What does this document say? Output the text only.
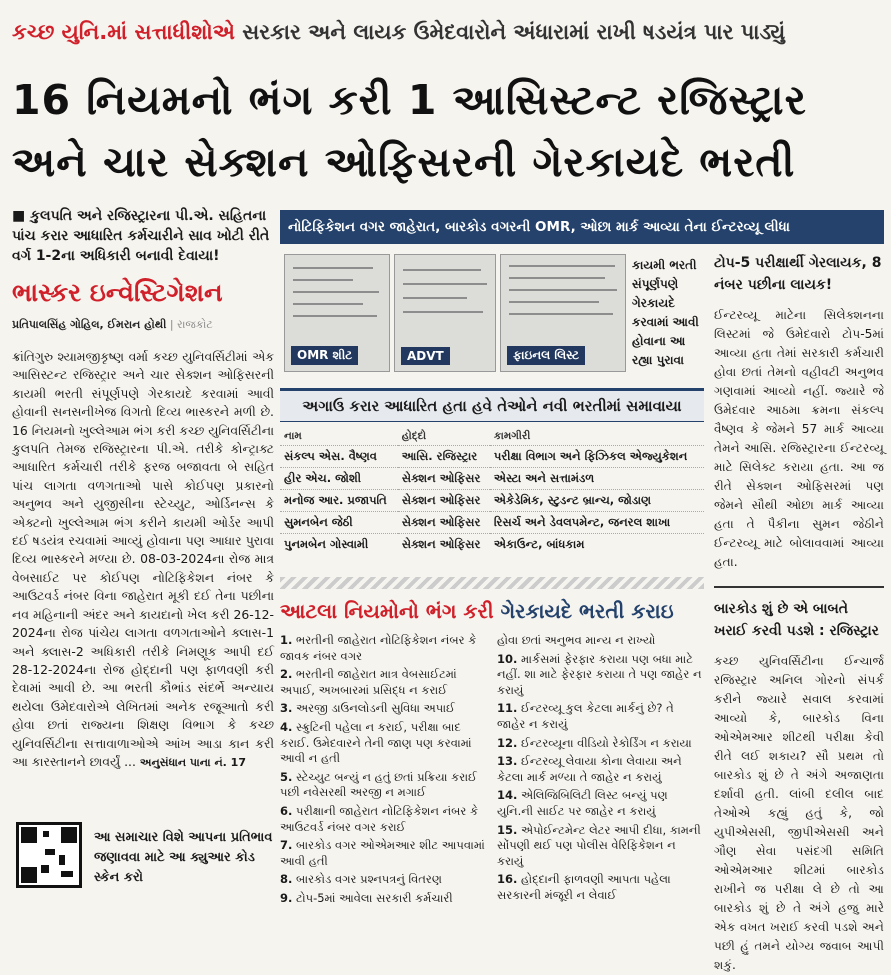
કચ્છ યુનિ.માં સત્તાધીશોએ સરકાર અને લાયક ઉમેદવારોને અંધારામાં રાખી ષડયંત્ર પાર પાડ્યું
16 નિયમનો ભંગ કરી 1 આસિસ્ટન્ટ રજિસ્ટ્રાર
અને ચાર સેક્શન ઓફિસરની ગેરકાયદે ભરતી
■ કુલપતિ અને રજિસ્ટ્રારના પી.એ. સહિતના પાંચ કરાર આધારિત કર્મચારીને સાવ ખોટી રીતે વર્ગ 1-2ના અધિકારી બનાવી દેવાયા!
ભાસ્કર ઇન્વેસ્ટિગેશન
પ્રતિપાલસિંહ ગોહિલ, ઈમરાન હોથી | રાજકોટ
ક્રાંતિગુરુ શ્યામજીકૃષ્ણ વર્મા કચ્છ યુનિવર્સિટીમાં એક આસિસ્ટન્ટ રજિસ્ટ્રાર અને ચાર સેક્શન ઓફિસરની કાયમી ભરતી સંપૂર્ણપણે ગેરકાયદે કરવામાં આવી હોવાની સનસનીખેજ વિગતો દિવ્ય ભાસ્કરને મળી છે. 16 નિયમનો ખુલ્લેઆમ ભંગ કરી કચ્છ યુનિવર્સિટીના કુલપતિ તેમજ રજિસ્ટ્રારના પી.એ. તરીકે કોન્ટ્રાક્ટ આધારિત કર્મચારી તરીકે ફરજ બજાવતા બે સહિત પાંચ લાગતા વળગતાઓ પાસે કોઈપણ પ્રકારનો અનુભવ અને યુજીસીના સ્ટેચ્યુટ, ઓર્ડિનન્સ કે એક્ટનો ખુલ્લેઆમ ભંગ કરીને કાયમી ઓર્ડર આપી દઈ ષડયંત્ર રચવામાં આવ્યું હોવાના પણ આધાર પુરાવા દિવ્ય ભાસ્કરને મળ્યા છે. 08-03-2024ના રોજ માત્ર વેબસાઈટ પર કોઈપણ નોટિફિકેશન નંબર કે આઉટવર્ડ નંબર વિના જાહેરાત મૂકી દઈ તેના પછીના નવ મહિનાની અંદર અને કાયદાનો ખેલ કરી 26-12-2024ના રોજ પાંચેય લાગતા વળગતાઓને ક્લાસ-1 અને ક્લાસ-2 અધિકારી તરીકે નિમણૂક આપી દઈ 28-12-2024ના રોજ હોદ્દાની પણ ફાળવણી કરી દેવામાં આવી છે. આ ભરતી કૌભાંડ સંદર્ભે અન્યાય થયેલા ઉમેદવારોએ લેખિતમાં અનેક રજૂઆતો કરી હોવા છતાં રાજ્યના શિક્ષણ વિભાગ કે કચ્છ યુનિવર્સિટીના સત્તાવાળાઓએ આંખ આડા કાન કરી આ કારસ્તાનને છાવર્યું ... અનુસંધાન પાના નં. 17
આ સમાચાર વિશે આપના પ્રતિભાવ જણાવવા માટે આ ક્યુઆર કોડ સ્કેન કરો
નોટિફિકેશન વગર જાહેરાત, બારકોડ વગરની OMR, ઓછા માર્ક આવ્યા તેના ઈન્ટરવ્યૂ લીધા
OMR શીટ	ADVT	ફાઇનલ લિસ્ટ
કાયમી ભરતી સંપૂર્ણપણે ગેરકાયદે કરવામાં આવી હોવાના આ રહ્યા પુરાવા
અગાઉ કરાર આધારિત હતા હવે તેઓને નવી ભરતીમાં સમાવાયા
નામ	હોદ્દો	કામગીરી
સંકલ્પ એસ. વૈષ્ણવ	આસિ. રજિસ્ટ્રાર	પરીક્ષા વિભાગ અને ફિઝિકલ એજ્યુકેશન
હીર એચ. જોશી	સેક્શન ઓફિસર	એસ્ટા અને સત્તામંડળ
મનોજ આર. પ્રજાપતિ	સેક્શન ઓફિસર	એકેડેમિક, સ્ટુડન્ટ બ્રાન્ચ, જોડાણ
સુમનબેન જેઠી	સેક્શન ઓફિસર	રિસર્ચ અને ડેવલપમેન્ટ, જનરલ શાખા
પુનમબેન ગોસ્વામી	સેક્શન ઓફિસર	એકાઉન્ટ, બાંધકામ
આટલા નિયમોનો ભંગ કરી ગેરકાયદે ભરતી કરાઇ
1. ભરતીની જાહેરાત નોટિફિકેશન નંબર કે જાવક નંબર વગર
2. ભરતીની જાહેરાત માત્ર વેબસાઈટમાં અપાઈ, અખબારમાં પ્રસિદ્ધ ન કરાઈ
3. અરજી ડાઉનલોડની સુવિધા અપાઈ
4. સ્ક્રુટિની પહેલા ન કરાઈ, પરીક્ષા બાદ કરાઈ. ઉમેદવારને તેની જાણ પણ કરવામાં આવી ન હતી
5. સ્ટેચ્યુટ બન્યું ન હતું છતાં પ્રક્રિયા કરાઈ પછી નવેસરથી અરજી ન મગાઈ
6. પરીક્ષાની જાહેરાત નોટિફિકેશન નંબર કે આઉટવર્ડ નંબર વગર કરાઈ
7. બારકોડ વગર ઓએમઆર શીટ આપવામાં આવી હતી
8. બારકોડ વગર પ્રશ્નપત્રનું વિતરણ
9. ટોપ-5માં આવેલા સરકારી કર્મચારી
હોવા છતાં અનુભવ માન્ય ન રાખ્યો
10. માર્કસમાં ફેરફાર કરાયા પણ બધા માટે નહીં. શા માટે ફેરફાર કરાયા તે પણ જાહેર ન કરાયું
11. ઈન્ટરવ્યૂ કુલ કેટલા માર્કનું છે? તે જાહેર ન કરાયું
12. ઈન્ટરવ્યૂના વીડિયો રેકોર્ડિંગ ન કરાયા
13. ઈન્ટરવ્યૂ લેવાયા કોના લેવાયા અને કેટલા માર્ક મળ્યા તે જાહેર ન કરાયું
14. એલિજિબિલિટી લિસ્ટ બન્યું પણ યુનિ.ની સાઈટ પર જાહેર ન કરાયું
15. એપોઈન્ટમેન્ટ લેટર આપી દીધા, કામની સોંપણી થઈ પણ પોલીસ વેરિફિકેશન ન કરાયું
16. હોદ્દાની ફાળવણી આપતા પહેલા સરકારની મંજૂરી ન લેવાઈ
ટોપ-5 પરીક્ષાર્થી ગેરલાયક, 8 નંબર પછીના લાયક!
ઈન્ટરવ્યૂ માટેના સિલેક્શનના લિસ્ટમાં જે ઉમેદવારો ટોપ-5માં આવ્યા હતા તેમાં સરકારી કર્મચારી હોવા છતાં તેમનો વહીવટી અનુભવ ગણવામાં આવ્યો નહીં. જ્યારે જે ઉમેદવાર આઠમા ક્રમના સંકલ્પ વૈષ્ણવ કે જેમને 57 માર્ક આવ્યા તેમને આસિ. રજિસ્ટ્રારના ઈન્ટરવ્યૂ માટે સિલેક્ટ કરાયા હતા. આ જ રીતે સેક્શન ઓફિસરમાં પણ જેમને સૌથી ઓછા માર્ક આવ્યા હતા તે પૈકીના સુમન જેઠીને ઈન્ટરવ્યૂ માટે બોલાવવામાં આવ્યા હતા.
બારકોડ શું છે એ બાબતે ખરાઈ કરવી પડશે : રજિસ્ટ્રાર
કચ્છ યુનિવર્સિટીના ઈન્ચાર્જ રજિસ્ટ્રાર અનિલ ગોરનો સંપર્ક કરીને જ્યારે સવાલ કરવામાં આવ્યો કે, બારકોડ વિના ઓએમઆર શીટથી પરીક્ષા કેવી રીતે લઈ શકાય? સૌ પ્રથમ તો બારકોડ શું છે તે અંગે અજાણતા દર્શાવી હતી. લાંબી દલીલ બાદ તેઓએ કહ્યું હતું કે, જો યુપીએસસી, જીપીએસસી અને ગૌણ સેવા પસંદગી સમિતિ ઓએમઆર શીટમાં બારકોડ રાખીને જ પરીક્ષા લે છે તો આ બારકોડ શું છે તે અંગે હજુ મારે એક વખત ખરાઈ કરવી પડશે અને પછી હું તમને યોગ્ય જવાબ આપી શકું.
